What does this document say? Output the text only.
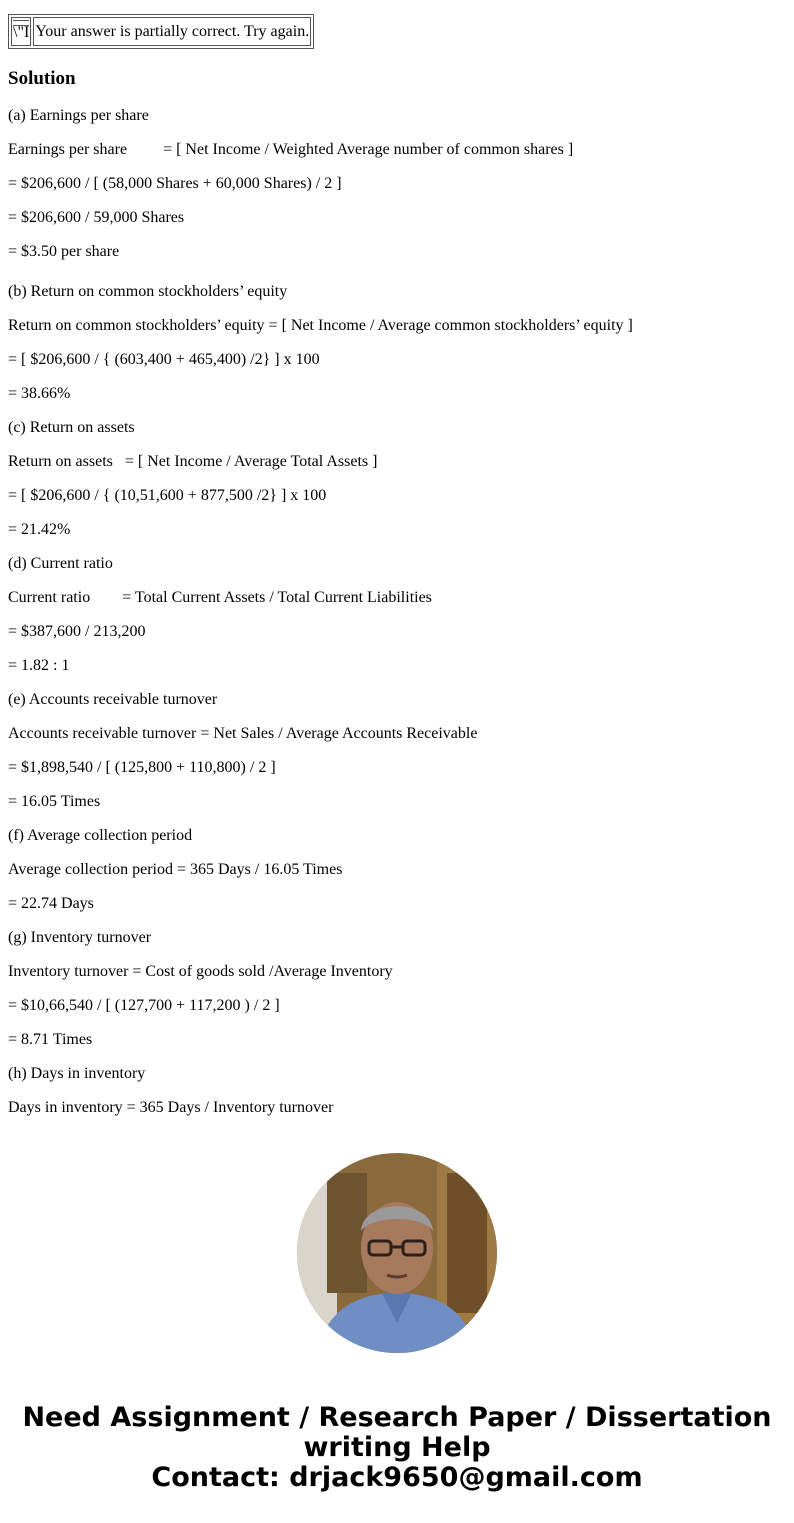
\"I	Your answer is partially correct. Try again.
Solution

(a) Earnings per share

Earnings per share         = [ Net Income / Weighted Average number of common shares ]

= $206,600 / [ (58,000 Shares + 60,000 Shares) / 2 ]

= $206,600 / 59,000 Shares

= $3.50 per share

(b) Return on common stockholders’ equity

Return on common stockholders’ equity = [ Net Income / Average common stockholders’ equity ]

= [ $206,600 / { (603,400 + 465,400) /2} ] x 100

= 38.66%

(c) Return on assets

Return on assets   = [ Net Income / Average Total Assets ]

= [ $206,600 / { (10,51,600 + 877,500 /2} ] x 100

= 21.42%

(d) Current ratio

Current ratio        = Total Current Assets / Total Current Liabilities

= $387,600 / 213,200

= 1.82 : 1

(e) Accounts receivable turnover

Accounts receivable turnover = Net Sales / Average Accounts Receivable

= $1,898,540 / [ (125,800 + 110,800) / 2 ]

= 16.05 Times

(f) Average collection period

Average collection period = 365 Days / 16.05 Times

= 22.74 Days

(g) Inventory turnover

Inventory turnover = Cost of goods sold /Average Inventory

= $10,66,540 / [ (127,700 + 117,200 ) / 2 ]

= 8.71 Times

(h) Days in inventory

Days in inventory = 365 Days / Inventory turnover

Need Assignment / Research Paper / Dissertation
writing Help
Contact: drjack9650@gmail.com
